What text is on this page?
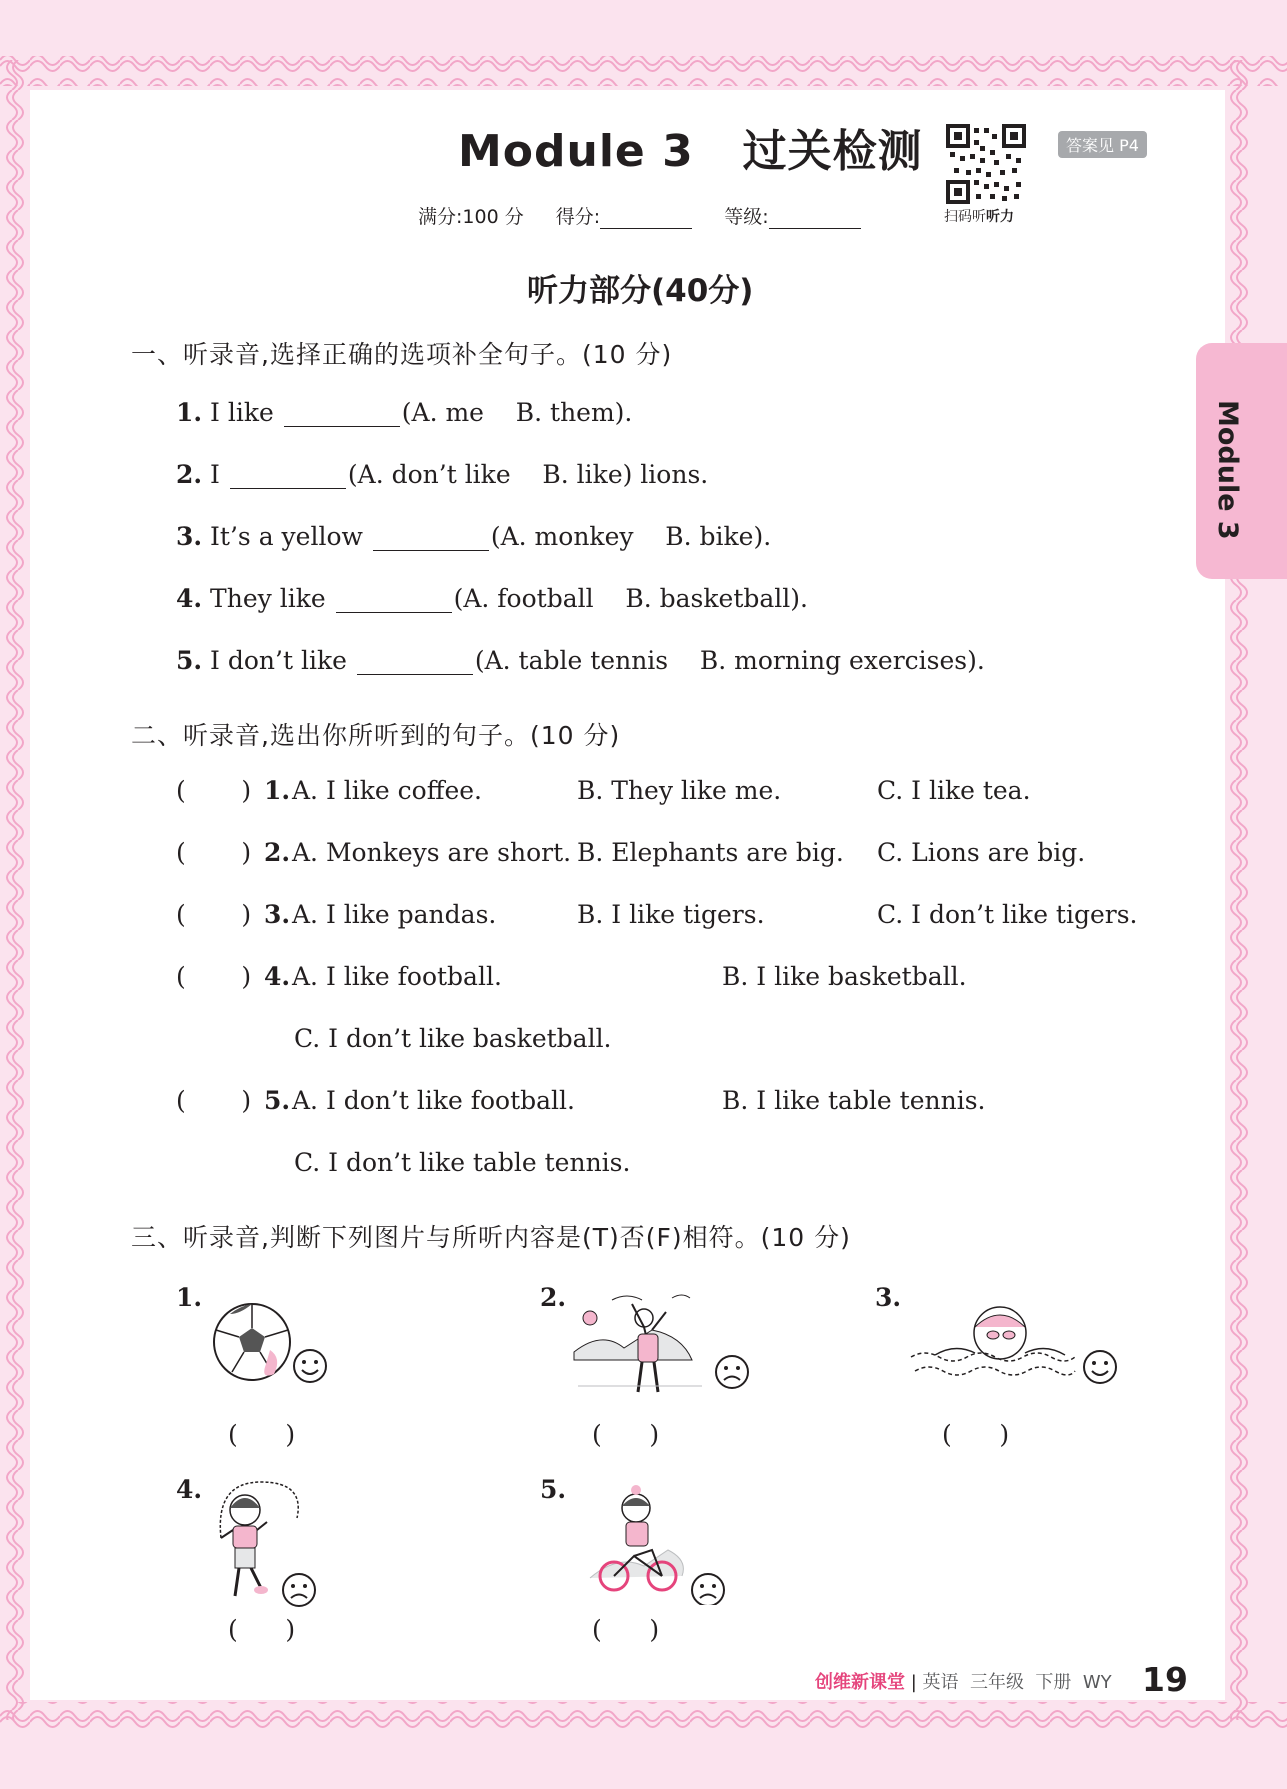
Module 3   过关检测
扫码听听力
答案见 P4
满分:100 分 得分:	等级:
听力部分(40分)
Module 3
一、听录音,选择正确的选项补全句子。(10 分)
1. I like	(A. me    B. them).
2. I	(A. don’t like    B. like) lions.
3. It’s a yellow	(A. monkey    B. bike).
4. They like	(A. football    B. basketball).
5. I don’t like	(A. table tennis    B. morning exercises).
二、听录音,选出你所听到的句子。(10 分)
(       ) 1. A. I like coffee.	B. They like me.	C. I like tea.
(       ) 2. A. Monkeys are short. B. Elephants are big. C. Lions are big.
(       ) 3. A. I like pandas.	B. I like tigers.	C. I don’t like tigers.
(       ) 4. A. I like football.	B. I like basketball.
C. I don’t like basketball.
(       ) 5. A. I don’t like football.	B. I like table tennis.
C. I don’t like table tennis.
三、听录音,判断下列图片与所听内容是(T)否(F)相符。(10 分)
1.	2.	3.
4.	5.
(      )	(      )	(      )
(      )	(      )
创维新课堂 | 英语  三年级  下册  WY 19
